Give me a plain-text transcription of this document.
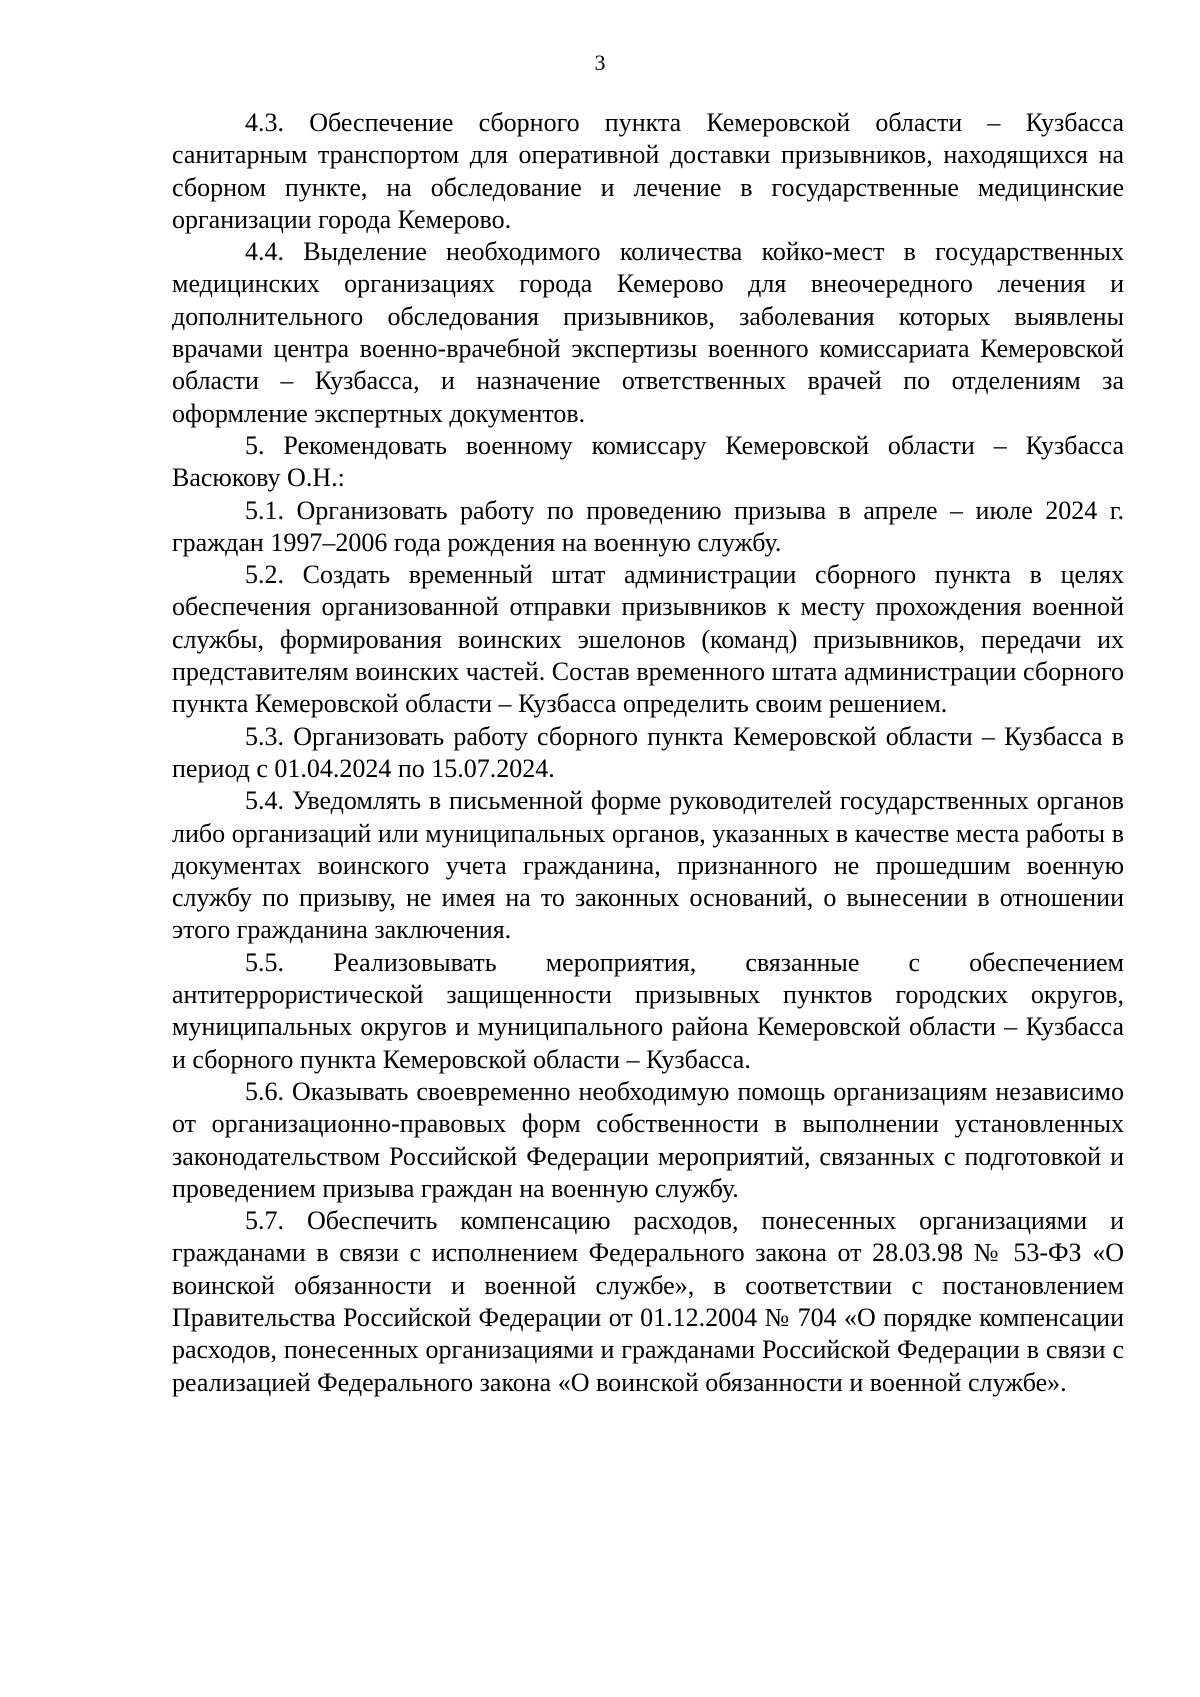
3

4.3. Обеспечение сборного пункта Кемеровской области – Кузбасса санитарным транспортом для оперативной доставки призывников, находящихся на сборном пункте, на обследование и лечение в государственные медицинские организации города Кемерово.

4.4. Выделение необходимого количества койко-мест в государственных медицинских организациях города Кемерово для внеочередного лечения и дополнительного обследования призывников, заболевания которых выявлены врачами центра военно-врачебной экспертизы военного комиссариата Кемеровской области – Кузбасса, и назначение ответственных врачей по отделениям за оформление экспертных документов.

5. Рекомендовать военному комиссару Кемеровской области – Кузбасса Васюкову О.Н.:

5.1. Организовать работу по проведению призыва в апреле – июле 2024 г. граждан 1997–2006 года рождения на военную службу.

5.2. Создать временный штат администрации сборного пункта в целях обеспечения организованной отправки призывников к месту прохождения военной службы, формирования воинских эшелонов (команд) призывников, передачи их представителям воинских частей. Состав временного штата администрации сборного пункта Кемеровской области – Кузбасса определить своим решением.

5.3. Организовать работу сборного пункта Кемеровской области – Кузбасса в период с 01.04.2024 по 15.07.2024.

5.4. Уведомлять в письменной форме руководителей государственных органов либо организаций или муниципальных органов, указанных в качестве места работы в документах воинского учета гражданина, признанного не прошедшим военную службу по призыву, не имея на то законных оснований, о вынесении в отношении этого гражданина заключения.

5.5. Реализовывать мероприятия, связанные с обеспечением антитеррористической защищенности призывных пунктов городских округов, муниципальных округов и муниципального района Кемеровской области – Кузбасса и сборного пункта Кемеровской области – Кузбасса.

5.6. Оказывать своевременно необходимую помощь организациям независимо от организационно-правовых форм собственности в выполнении установленных законодательством Российской Федерации мероприятий, связанных с подготовкой и проведением призыва граждан на военную службу.

5.7. Обеспечить компенсацию расходов, понесенных организациями и гражданами в связи с исполнением Федерального закона от 28.03.98 № 53-ФЗ «О воинской обязанности и военной службе», в соответствии с постановлением Правительства Российской Федерации от 01.12.2004 № 704 «О порядке компенсации расходов, понесенных организациями и гражданами Российской Федерации в связи с реализацией Федерального закона «О воинской обязанности и военной службе».
